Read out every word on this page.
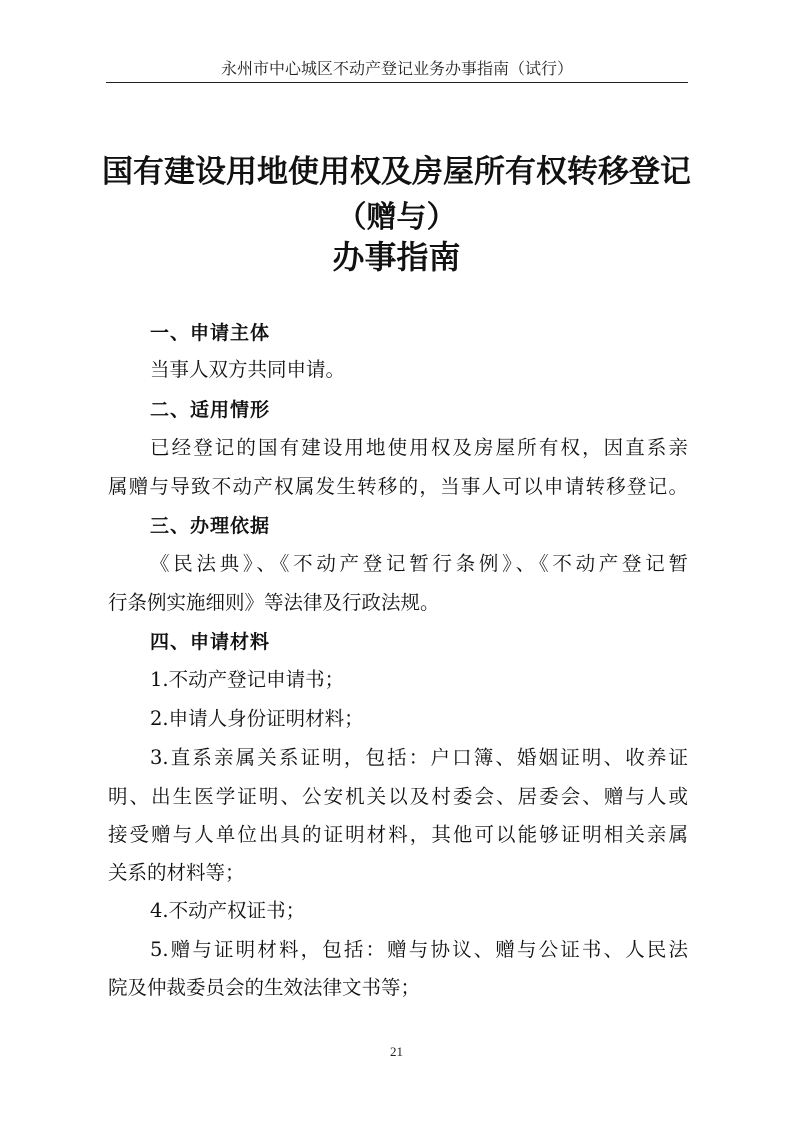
永州市中心城区不动产登记业务办事指南（试行）
国有建设用地使用权及房屋所有权转移登记
（赠与）
办事指南
一、申请主体
当事人双方共同申请。
二、适用情形
已经登记的国有建设用地使用权及房屋所有权，因直系亲
属赠与导致不动产权属发生转移的，当事人可以申请转移登记。
三、办理依据
《民法典》、《不动产登记暂行条例》、《不动产登记暂
行条例实施细则》等法律及行政法规。
四、申请材料
1.不动产登记申请书；
2.申请人身份证明材料；
3.直系亲属关系证明，包括：户口簿、婚姻证明、收养证
明、出生医学证明、公安机关以及村委会、居委会、赠与人或
接受赠与人单位出具的证明材料，其他可以能够证明相关亲属
关系的材料等；
4.不动产权证书；
5.赠与证明材料，包括：赠与协议、赠与公证书、人民法
院及仲裁委员会的生效法律文书等；
21
